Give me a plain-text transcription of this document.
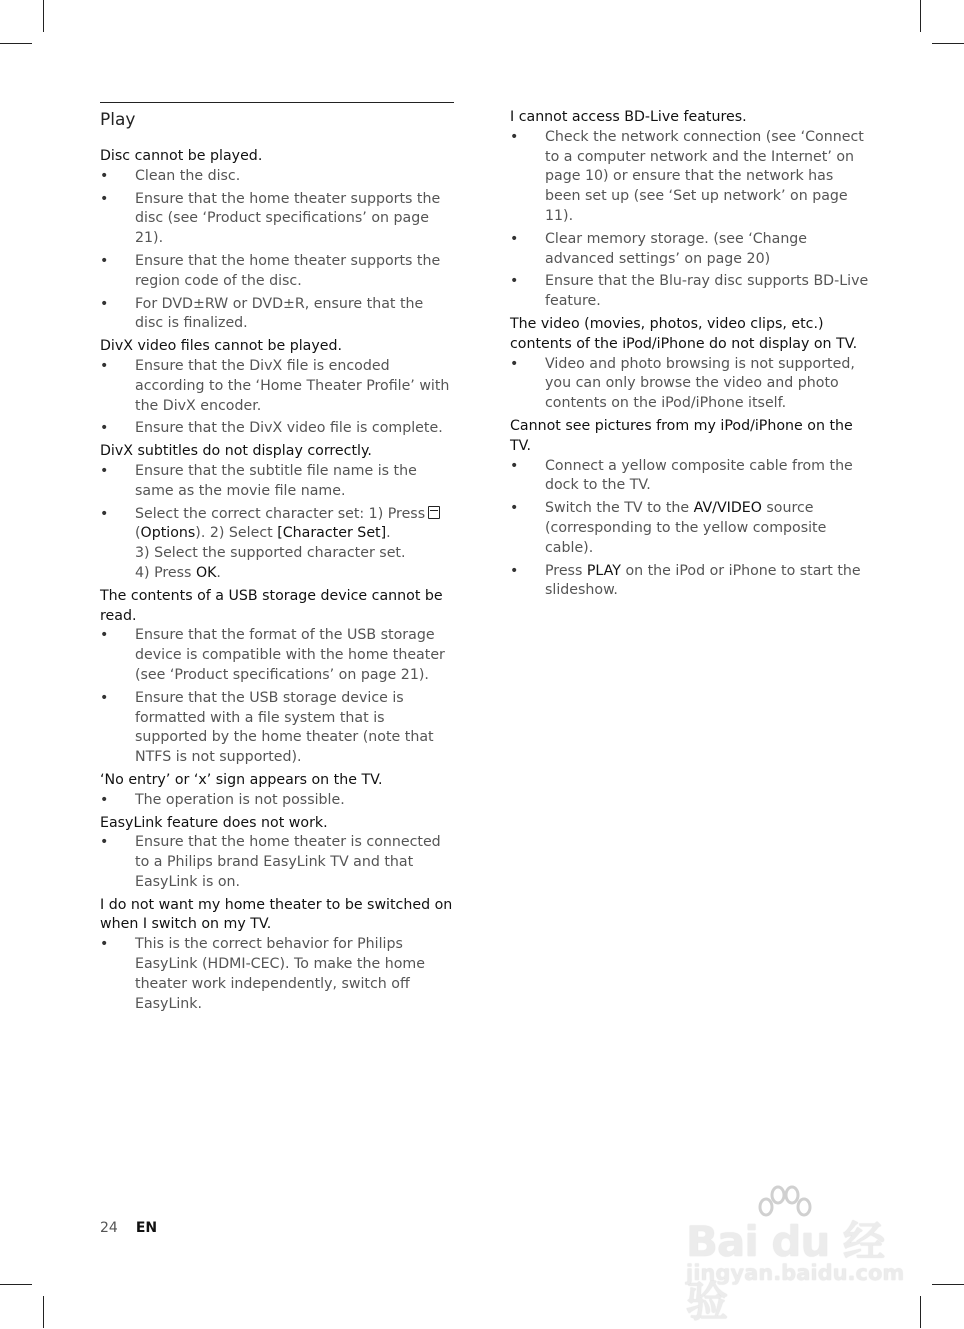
Play
Disc cannot be played.
• Clean the disc.
• Ensure that the home theater supports the disc (see ‘Product specifications’ on page 21).
• Ensure that the home theater supports the region code of the disc.
• For DVD±RW or DVD±R, ensure that the disc is finalized.
DivX video files cannot be played.
• Ensure that the DivX file is encoded according to the ‘Home Theater Profile’ with the DivX encoder.
• Ensure that the DivX video file is complete.
DivX subtitles do not display correctly.
• Ensure that the subtitle file name is the same as the movie file name.
• Select the correct character set: 1) Press
(Options). 2) Select [Character Set].
3) Select the supported character set.
4) Press OK.
The contents of a USB storage device cannot be read.
• Ensure that the format of the USB storage device is compatible with the home theater (see ‘Product specifications’ on page 21).
• Ensure that the USB storage device is formatted with a file system that is supported by the home theater (note that NTFS is not supported).
‘No entry’ or ‘x’ sign appears on the TV.
• The operation is not possible.
EasyLink feature does not work.
• Ensure that the home theater is connected to a Philips brand EasyLink TV and that EasyLink is on.
I do not want my home theater to be switched on when I switch on my TV.
• This is the correct behavior for Philips EasyLink (HDMI-CEC). To make the home theater work independently, switch off EasyLink.
I cannot access BD-Live features.
• Check the network connection (see ‘Connect to a computer network and the Internet’ on page 10) or ensure that the network has been set up (see ‘Set up network’ on page 11).
• Clear memory storage. (see ‘Change advanced settings’ on page 20)
• Ensure that the Blu-ray disc supports BD-Live feature.
The video (movies, photos, video clips, etc.) contents of the iPod/iPhone do not display on TV.
• Video and photo browsing is not supported, you can only browse the video and photo contents on the iPod/iPhone itself.
Cannot see pictures from my iPod/iPhone on the TV.
• Connect a yellow composite cable from the dock to the TV.
• Switch the TV to the AV/VIDEO source (corresponding to the yellow composite cable).
• Press PLAY on the iPod or iPhone to start the slideshow.
24 EN	Bai du 经验
jingyan.baidu.com
